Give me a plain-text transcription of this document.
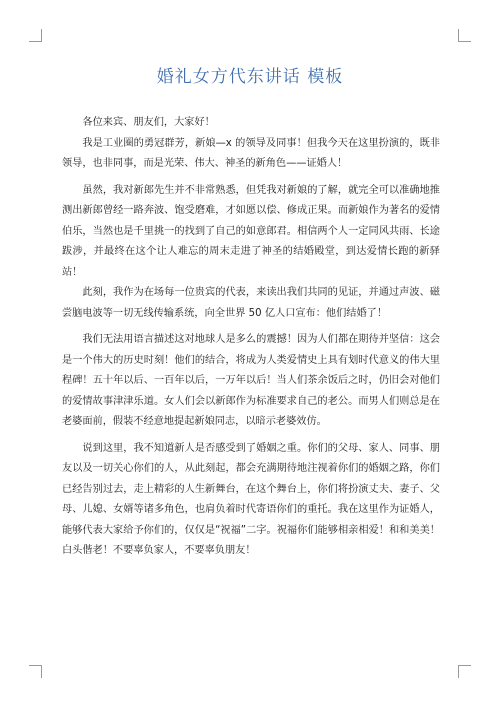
婚礼女方代东讲话 模板

各位来宾、朋友们，大家好！

我是工业圈的勇冠群芳，新娘—x 的领导及同事！但我今天在这里扮演的，既非领导，也非同事，而是光荣、伟大、神圣的新角色——证婚人！

虽然，我对新郎先生并不非常熟悉，但凭我对新娘的了解，就完全可以准确地推测出新郎曾经一路奔波、饱受磨难，才如愿以偿、修成正果。而新娘作为著名的爱情伯乐，当然也是千里挑一的找到了自己的如意郎君。相信两个人一定同风共雨、长途跋涉，并最终在这个让人难忘的周末走进了神圣的结婚殿堂，到达爱情长跑的新驿站！

此刻，我作为在场每一位贵宾的代表，来读出我们共同的见证，并通过声波、磁尝脑电波等一切无线传输系统，向全世界 50 亿人口宣布：他们结婚了！

我们无法用语言描述这对地球人是多么的震撼！因为人们都在期待并坚信：这会是一个伟大的历史时刻！他们的结合，将成为人类爱情史上具有划时代意义的伟大里程碑！五十年以后、一百年以后，一万年以后！当人们茶余饭后之时，仍旧会对他们的爱情故事津津乐道。女人们会以新郎作为标准要求自己的老公。而男人们则总是在老婆面前，假装不经意地提起新娘同志，以暗示老婆效仿。

说到这里，我不知道新人是否感受到了婚姻之重。你们的父母、家人、同事、朋友以及一切关心你们的人，从此刻起，都会充满期待地注视着你们的婚姻之路，你们已经告别过去，走上精彩的人生新舞台，在这个舞台上，你们将扮演丈夫、妻子、父母、儿媳、女婿等诸多角色，也肩负着时代寄语你们的重托。我在这里作为证婚人，能够代表大家给予你们的，仅仅是“祝福”二字。祝福你们能够相亲相爱！和和美美！白头偕老！不要辜负家人，不要辜负朋友！
